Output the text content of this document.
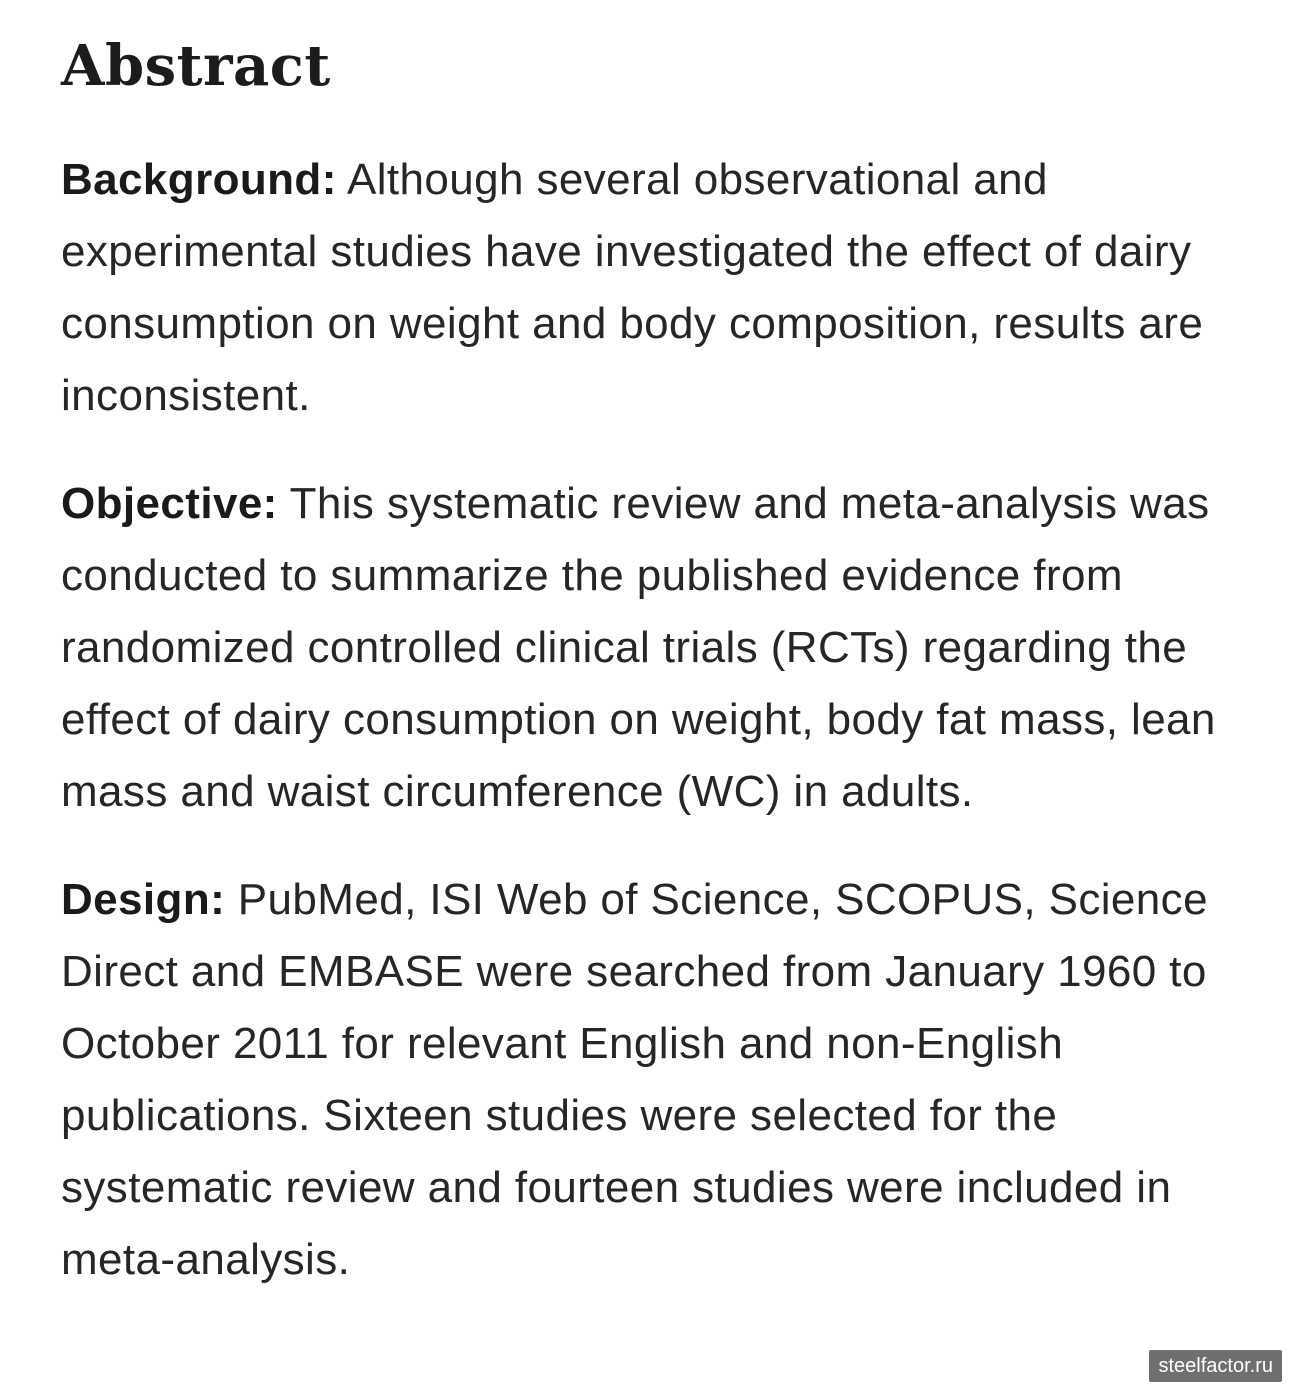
Abstract

Background: Although several observational and experimental studies have investigated the effect of dairy consumption on weight and body composition, results are inconsistent.

Objective: This systematic review and meta-analysis was conducted to summarize the published evidence from randomized controlled clinical trials (RCTs) regarding the effect of dairy consumption on weight, body fat mass, lean mass and waist circumference (WC) in adults.

Design: PubMed, ISI Web of Science, SCOPUS, Science Direct and EMBASE were searched from January 1960 to October 2011 for relevant English and non-English publications. Sixteen studies were selected for the systematic review and fourteen studies were included in meta-analysis.

steelfactor.ru
